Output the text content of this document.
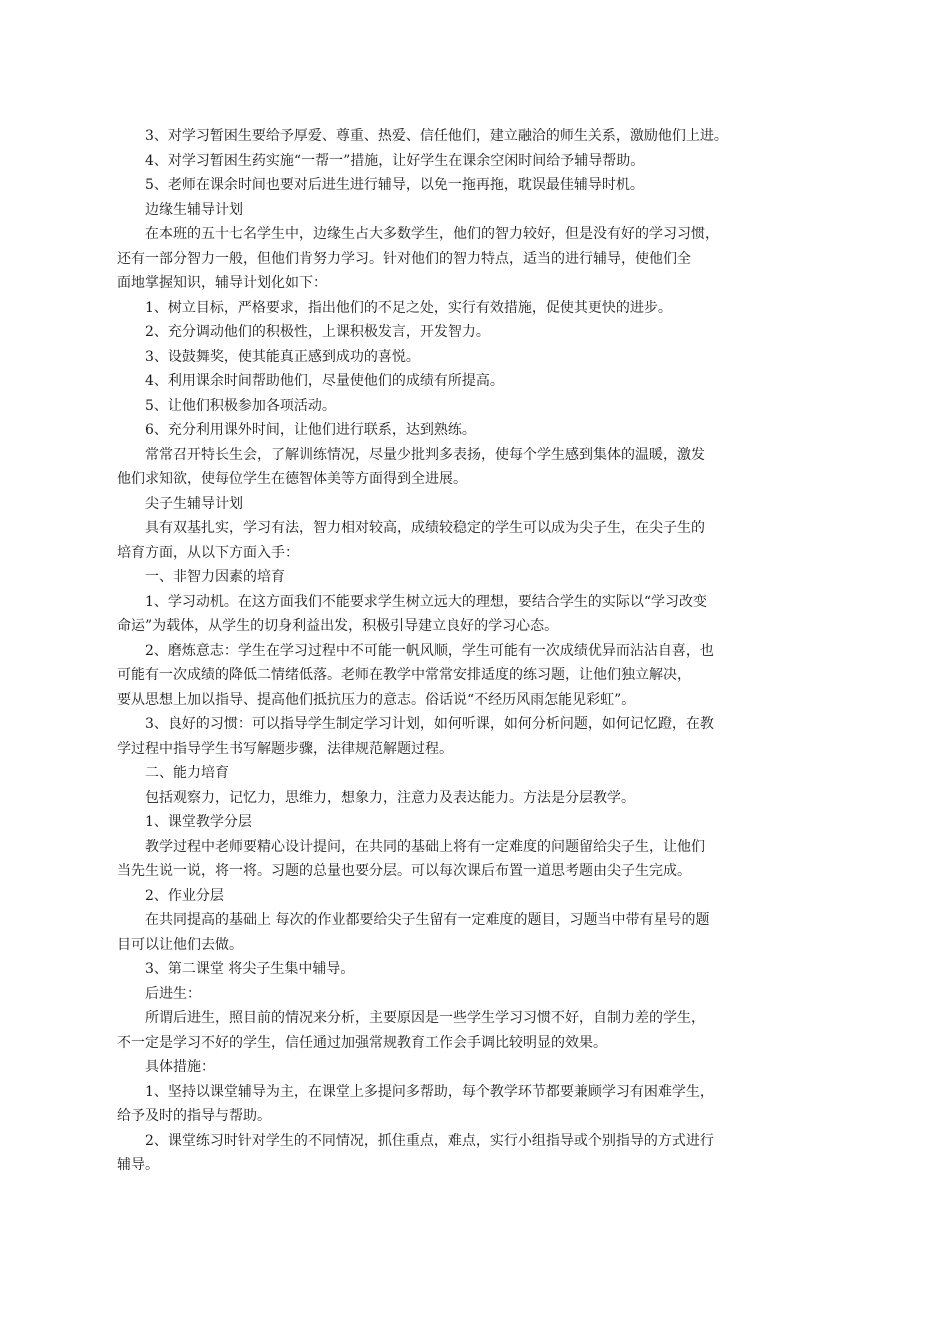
3、对学习暂困生要给予厚爱、尊重、热爱、信任他们，建立融洽的师生关系，激励他们上进。

4、对学习暂困生药实施“一帮一”措施，让好学生在课余空闲时间给予辅导帮助。

5、老师在课余时间也要对后进生进行辅导，以免一拖再拖，耽误最佳辅导时机。

边缘生辅导计划

在本班的五十七名学生中，边缘生占大多数学生，他们的智力较好，但是没有好的学习习惯，

还有一部分智力一般，但他们肯努力学习。针对他们的智力特点，适当的进行辅导，使他们全

面地掌握知识，辅导计划化如下：

1、树立目标，严格要求，指出他们的不足之处，实行有效措施，促使其更快的进步。

2、充分调动他们的积极性，上课积极发言，开发智力。

3、设鼓舞奖，使其能真正感到成功的喜悦。

4、利用课余时间帮助他们，尽量使他们的成绩有所提高。

5、让他们积极参加各项活动。

6、充分利用课外时间，让他们进行联系，达到熟练。

常常召开特长生会，了解训练情况，尽量少批判多表扬，使每个学生感到集体的温暖，激发

他们求知欲，使每位学生在德智体美等方面得到全进展。

尖子生辅导计划

具有双基扎实，学习有法，智力相对较高，成绩较稳定的学生可以成为尖子生，在尖子生的

培育方面，从以下方面入手：

一、非智力因素的培育

1、学习动机。在这方面我们不能要求学生树立远大的理想，要结合学生的实际以“学习改变

命运”为载体，从学生的切身利益出发，积极引导建立良好的学习心态。

2、磨炼意志：学生在学习过程中不可能一帆风顺，学生可能有一次成绩优异而沾沾自喜，也

可能有一次成绩的降低二情绪低落。老师在教学中常常安排适度的练习题，让他们独立解决，

要从思想上加以指导、提高他们抵抗压力的意志。俗话说“不经历风雨怎能见彩虹”。

3、良好的习惯：可以指导学生制定学习计划，如何听课，如何分析问题，如何记忆蹬，在教

学过程中指导学生书写解题步骤，法律规范解题过程。

二、能力培育

包括观察力，记忆力，思维力，想象力，注意力及表达能力。方法是分层教学。

1、课堂教学分层

教学过程中老师要精心设计提问，在共同的基础上将有一定难度的问题留给尖子生，让他们

当先生说一说，将一将。习题的总量也要分层。可以每次课后布置一道思考题由尖子生完成。

2、作业分层

在共同提高的基础上 每次的作业都要给尖子生留有一定难度的题目，习题当中带有星号的题

目可以让他们去做。

3、第二课堂 将尖子生集中辅导。

后进生：

所谓后进生，照目前的情况来分析，主要原因是一些学生学习习惯不好，自制力差的学生，

不一定是学习不好的学生，信任通过加强常规教育工作会手调比较明显的效果。

具体措施：

1、坚持以课堂辅导为主，在课堂上多提问多帮助，每个教学环节都要兼顾学习有困难学生，

给予及时的指导与帮助。

2、课堂练习时针对学生的不同情况，抓住重点，难点，实行小组指导或个别指导的方式进行

辅导。
